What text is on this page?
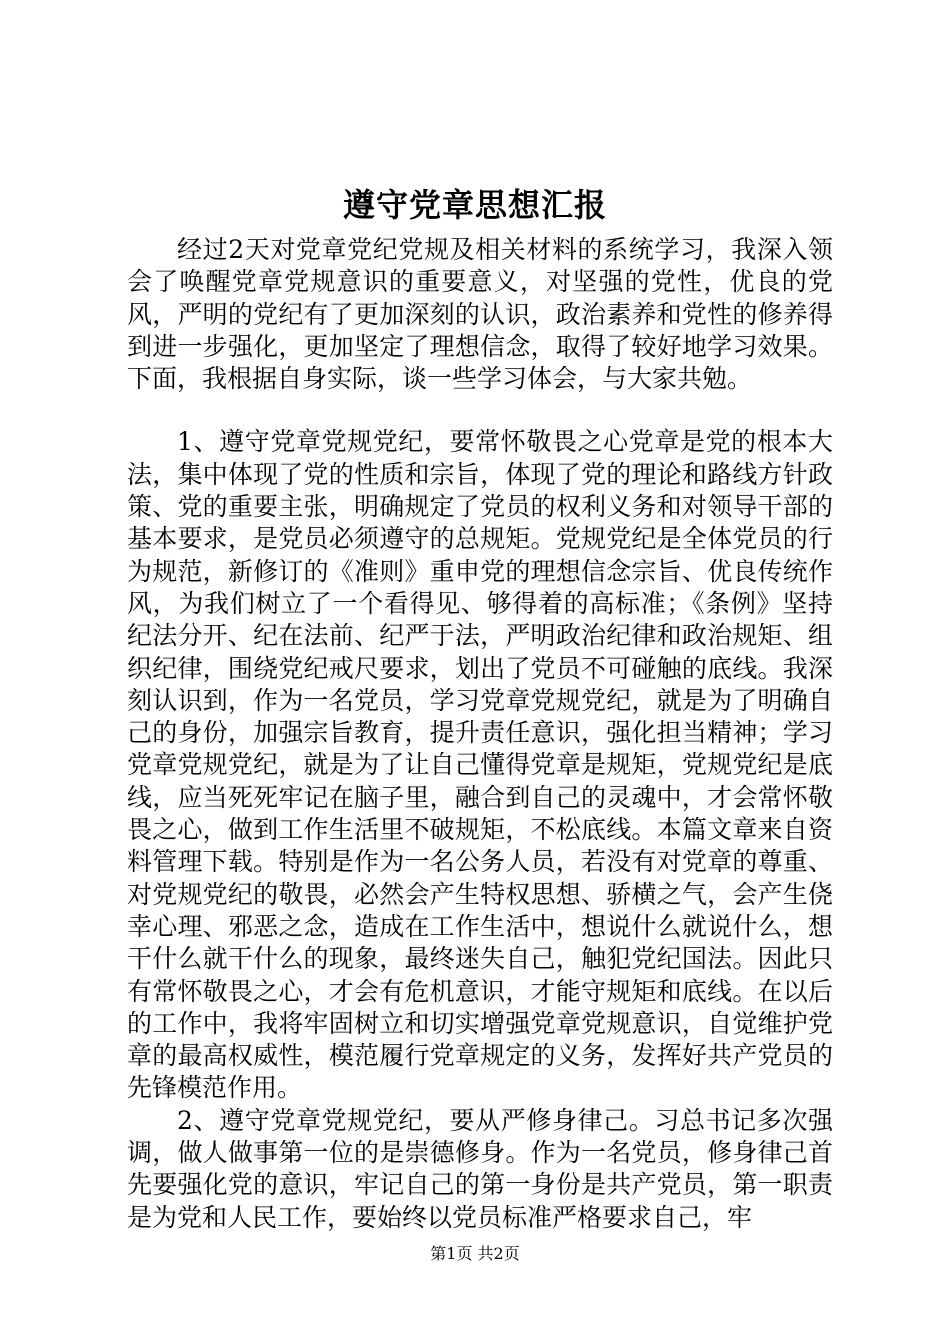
遵守党章思想汇报

经过2天对党章党纪党规及相关材料的系统学习，我深入领会了唤醒党章党规意识的重要意义，对坚强的党性，优良的党风，严明的党纪有了更加深刻的认识，政治素养和党性的修养得到进一步强化，更加坚定了理想信念，取得了较好地学习效果。下面，我根据自身实际，谈一些学习体会，与大家共勉。

1、遵守党章党规党纪，要常怀敬畏之心党章是党的根本大法，集中体现了党的性质和宗旨，体现了党的理论和路线方针政策、党的重要主张，明确规定了党员的权利义务和对领导干部的基本要求，是党员必须遵守的总规矩。党规党纪是全体党员的行为规范，新修订的《准则》重申党的理想信念宗旨、优良传统作风，为我们树立了一个看得见、够得着的高标准；《条例》坚持纪法分开、纪在法前、纪严于法，严明政治纪律和政治规矩、组织纪律，围绕党纪戒尺要求，划出了党员不可碰触的底线。我深刻认识到，作为一名党员，学习党章党规党纪，就是为了明确自己的身份，加强宗旨教育，提升责任意识，强化担当精神；学习党章党规党纪，就是为了让自己懂得党章是规矩，党规党纪是底线，应当死死牢记在脑子里，融合到自己的灵魂中，才会常怀敬畏之心，做到工作生活里不破规矩，不松底线。本篇文章来自资料管理下载。特别是作为一名公务人员，若没有对党章的尊重、对党规党纪的敬畏，必然会产生特权思想、骄横之气，会产生侥幸心理、邪恶之念，造成在工作生活中，想说什么就说什么，想干什么就干什么的现象，最终迷失自己，触犯党纪国法。因此只有常怀敬畏之心，才会有危机意识，才能守规矩和底线。在以后的工作中，我将牢固树立和切实增强党章党规意识，自觉维护党章的最高权威性，模范履行党章规定的义务，发挥好共产党员的先锋模范作用。

2、遵守党章党规党纪，要从严修身律己。习总书记多次强调，做人做事第一位的是崇德修身。作为一名党员，修身律己首先要强化党的意识，牢记自己的第一身份是共产党员，第一职责是为党和人民工作，要始终以党员标准严格要求自己，牢

第1页 共2页
